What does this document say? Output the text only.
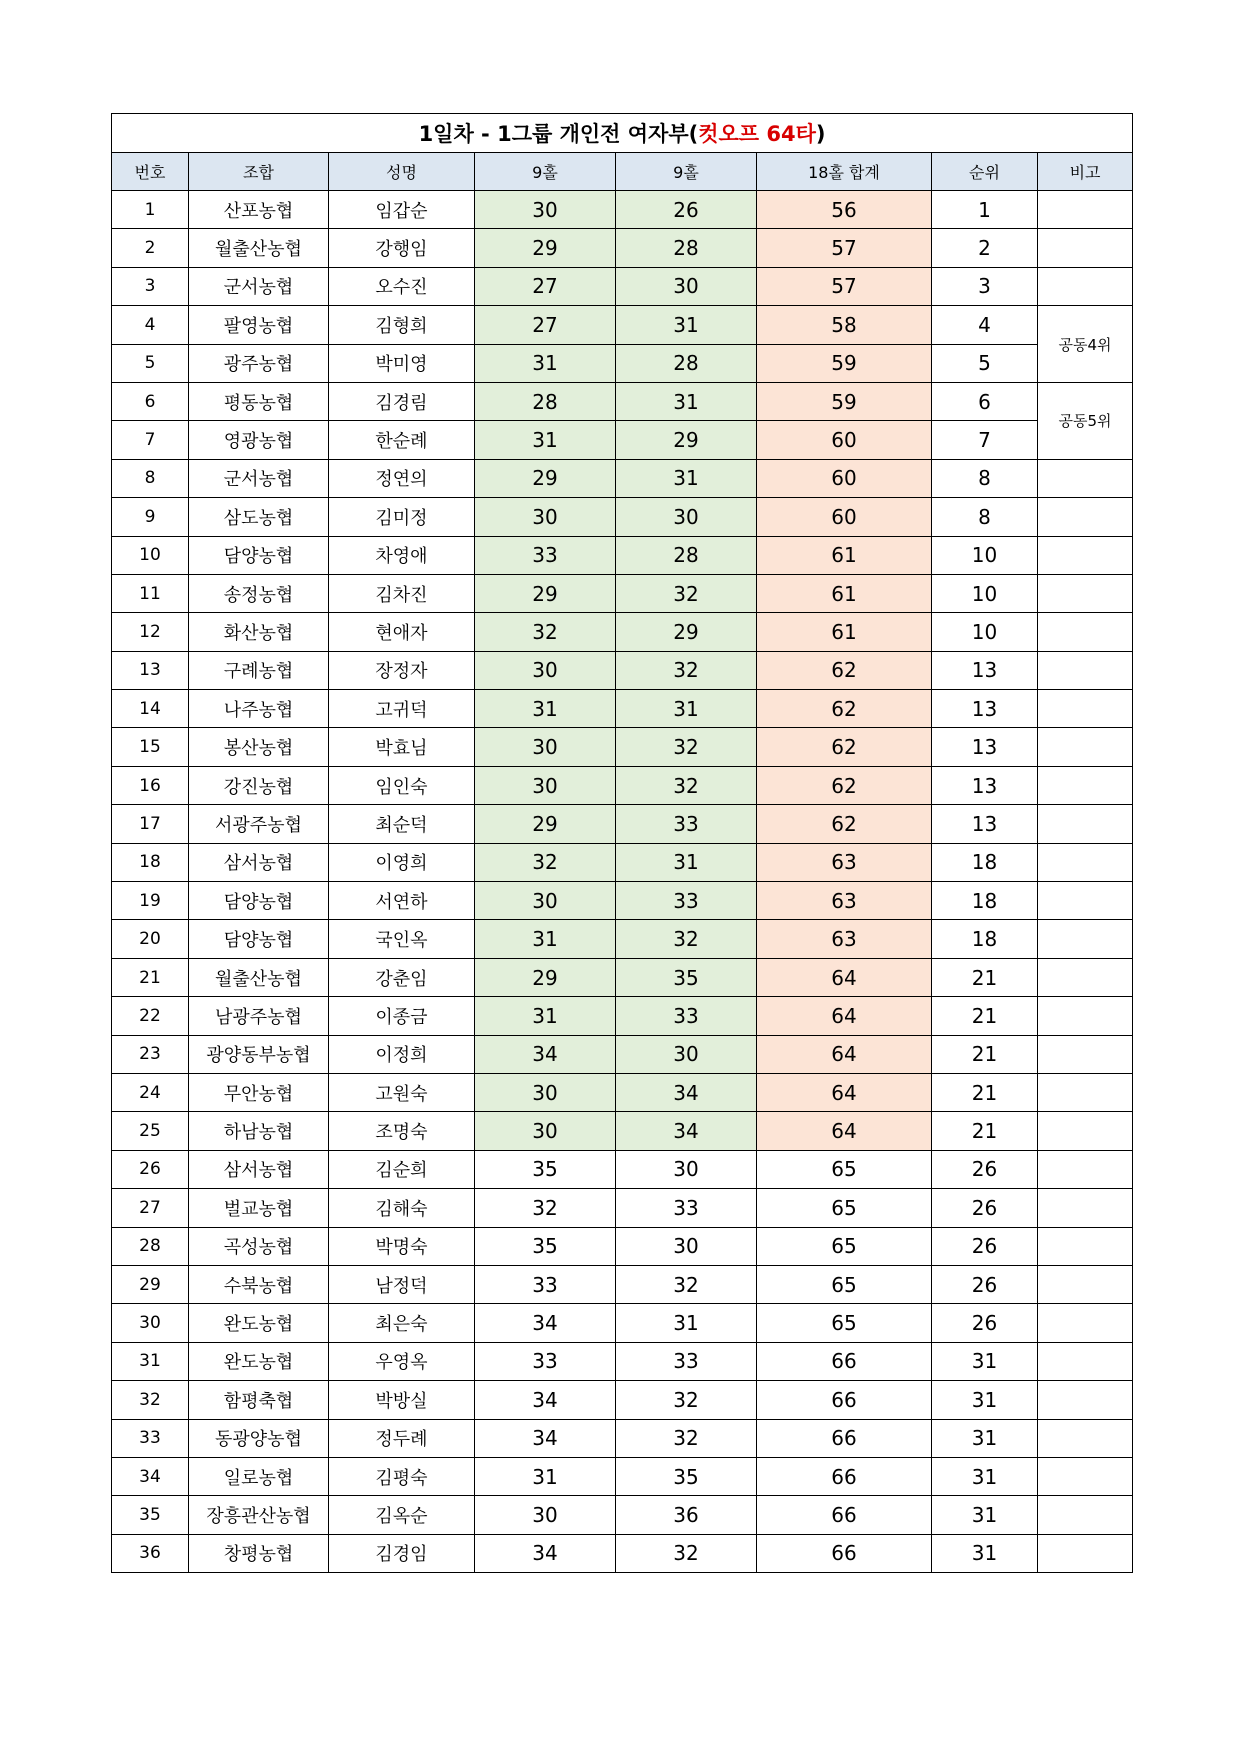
1일차 - 1그룹 개인전 여자부(컷오프 64타)							
번호	조합	성명	9홀	9홀	18홀 합계	순위	비고
1	산포농협	임갑순	30	26	56	1	
2	월출산농협	강행임	29	28	57	2	
3	군서농협	오수진	27	30	57	3	
4	팔영농협	김형희	27	31	58	4	공동4위
5	광주농협	박미영	31	28	59	5	
6	평동농협	김경림	28	31	59	6	공동5위
7	영광농협	한순례	31	29	60	7	
8	군서농협	정연의	29	31	60	8	
9	삼도농협	김미정	30	30	60	8	
10	담양농협	차영애	33	28	61	10	
11	송정농협	김차진	29	32	61	10	
12	화산농협	현애자	32	29	61	10	
13	구례농협	장정자	30	32	62	13	
14	나주농협	고귀덕	31	31	62	13	
15	봉산농협	박효님	30	32	62	13	
16	강진농협	임인숙	30	32	62	13	
17	서광주농협	최순덕	29	33	62	13	
18	삼서농협	이영희	32	31	63	18	
19	담양농협	서연하	30	33	63	18	
20	담양농협	국인옥	31	32	63	18	
21	월출산농협	강춘임	29	35	64	21	
22	남광주농협	이종금	31	33	64	21	
23	광양동부농협	이정희	34	30	64	21	
24	무안농협	고원숙	30	34	64	21	
25	하남농협	조명숙	30	34	64	21	
26	삼서농협	김순희	35	30	65	26	
27	벌교농협	김해숙	32	33	65	26	
28	곡성농협	박명숙	35	30	65	26	
29	수북농협	남정덕	33	32	65	26	
30	완도농협	최은숙	34	31	65	26	
31	완도농협	우영옥	33	33	66	31	
32	함평축협	박방실	34	32	66	31	
33	동광양농협	정두례	34	32	66	31	
34	일로농협	김평숙	31	35	66	31	
35	장흥관산농협	김옥순	30	36	66	31	
36	창평농협	김경임	34	32	66	31	
